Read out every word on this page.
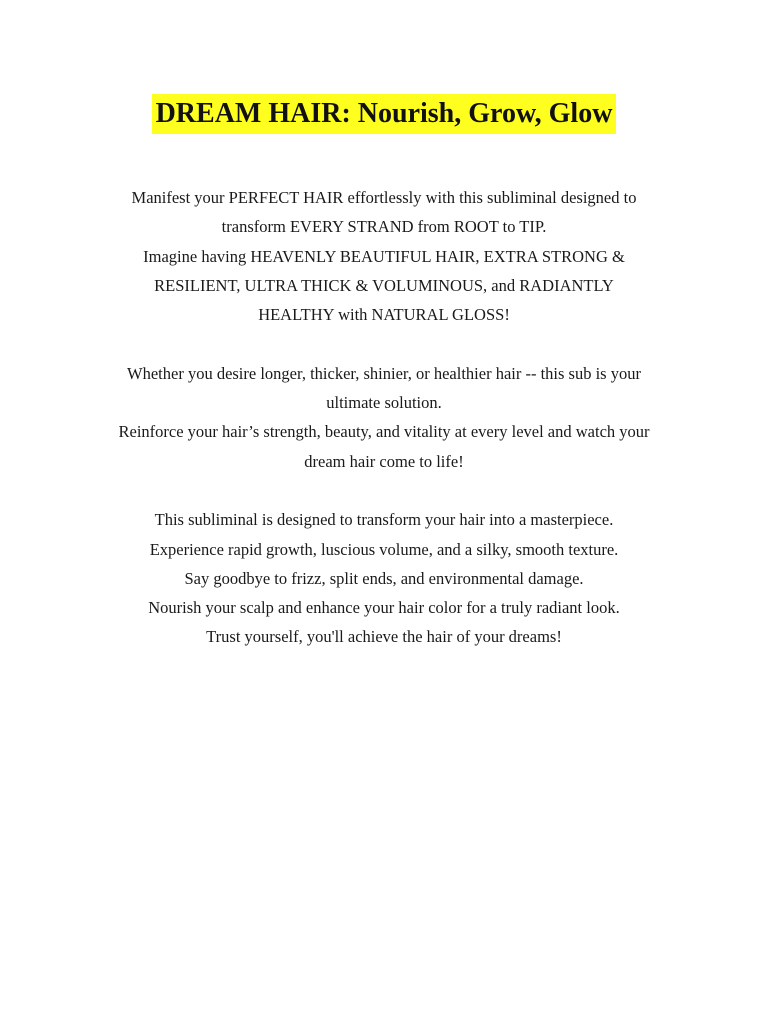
DREAM HAIR: Nourish, Grow, Glow

Manifest your PERFECT HAIR effortlessly with this subliminal designed to
transform EVERY STRAND from ROOT to TIP.
Imagine having HEAVENLY BEAUTIFUL HAIR, EXTRA STRONG &
RESILIENT, ULTRA THICK & VOLUMINOUS, and RADIANTLY
HEALTHY with NATURAL GLOSS!

Whether you desire longer, thicker, shinier, or healthier hair -- this sub is your
ultimate solution.
Reinforce your hair’s strength, beauty, and vitality at every level and watch your
dream hair come to life!

This subliminal is designed to transform your hair into a masterpiece.
Experience rapid growth, luscious volume, and a silky, smooth texture.
Say goodbye to frizz, split ends, and environmental damage.
Nourish your scalp and enhance your hair color for a truly radiant look.
Trust yourself, you'll achieve the hair of your dreams!
